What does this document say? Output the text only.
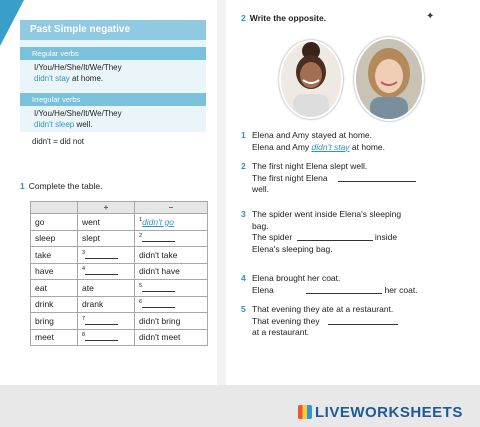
Past Simple negative
Regular verbs
I/You/He/She/It/We/They
didn't stay at home.
Irregular verbs
I/You/He/She/It/We/They
didn't sleep well.
didn't = did not
1 Complete the table.
	+	–
go	went	$^1$didn't go
sleep	slept	$^2$
take	$^3$	didn't take
have	$^4$	didn't have
eat	ate	$^5$
drink	drank	$^6$
bring	$^7$	didn't bring
meet	$^8$	didn't meet
2 Write the opposite.	✦
1 Elena and Amy stayed at home.
Elena and Amy didn't stay at home.
2 The first night Elena slept well.
The first night Elena
well.
3 The spider went inside Elena's sleeping
bag.
The spider	inside
Elena's sleeping bag.
4 Elena brought her coat.
Elena	her coat.
5 That evening they ate at a restaurant.
That evening they
at a restaurant.
LIVEWORKSHEETS
